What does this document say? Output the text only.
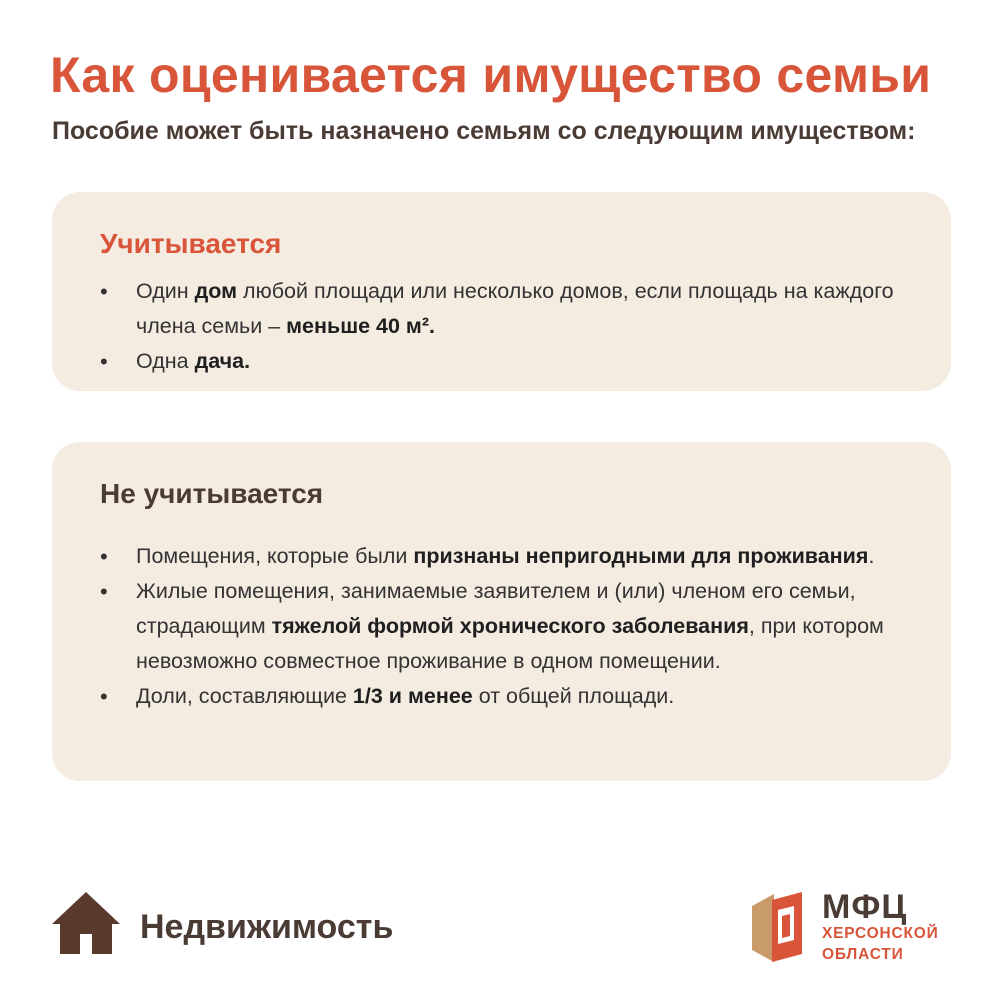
Как оценивается имущество семьи
Пособие может быть назначено семьям со следующим имуществом:
Учитывается
• Один дом любой площади или несколько домов, если площадь на каждого члена семьи – меньше 40 м².
• Одна дача.
Не учитывается
• Помещения, которые были признаны непригодными для проживания.
• Жилые помещения, занимаемые заявителем и (или) членом его семьи, страдающим тяжелой формой хронического заболевания, при котором невозможно совместное проживание в одном помещении.
• Доли, составляющие 1/3 и менее от общей площади.
Недвижимость
МФЦ
ХЕРСОНСКОЙ
ОБЛАСТИ
